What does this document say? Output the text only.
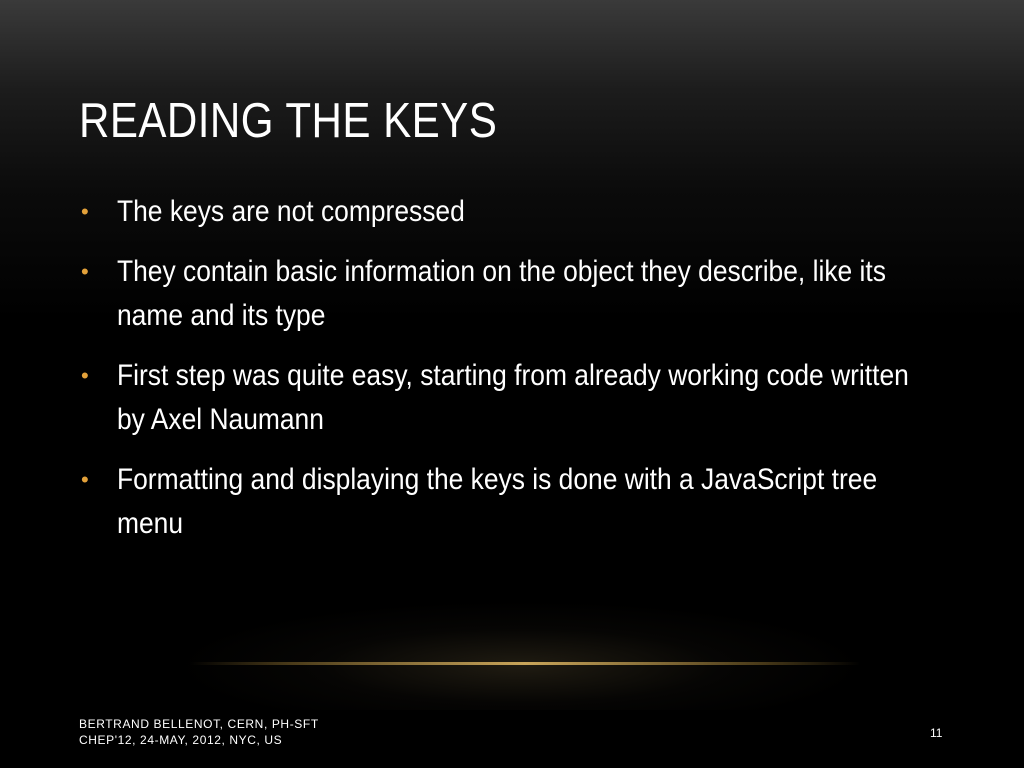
READING THE KEYS
• The keys are not compressed
• They contain basic information on the object they describe, like its name and its type
• First step was quite easy, starting from already working code written by Axel Naumann
• Formatting and displaying the keys is done with a JavaScript tree menu
BERTRAND BELLENOT, CERN, PH-SFT
CHEP'12, 24-MAY, 2012, NYC, US	11
